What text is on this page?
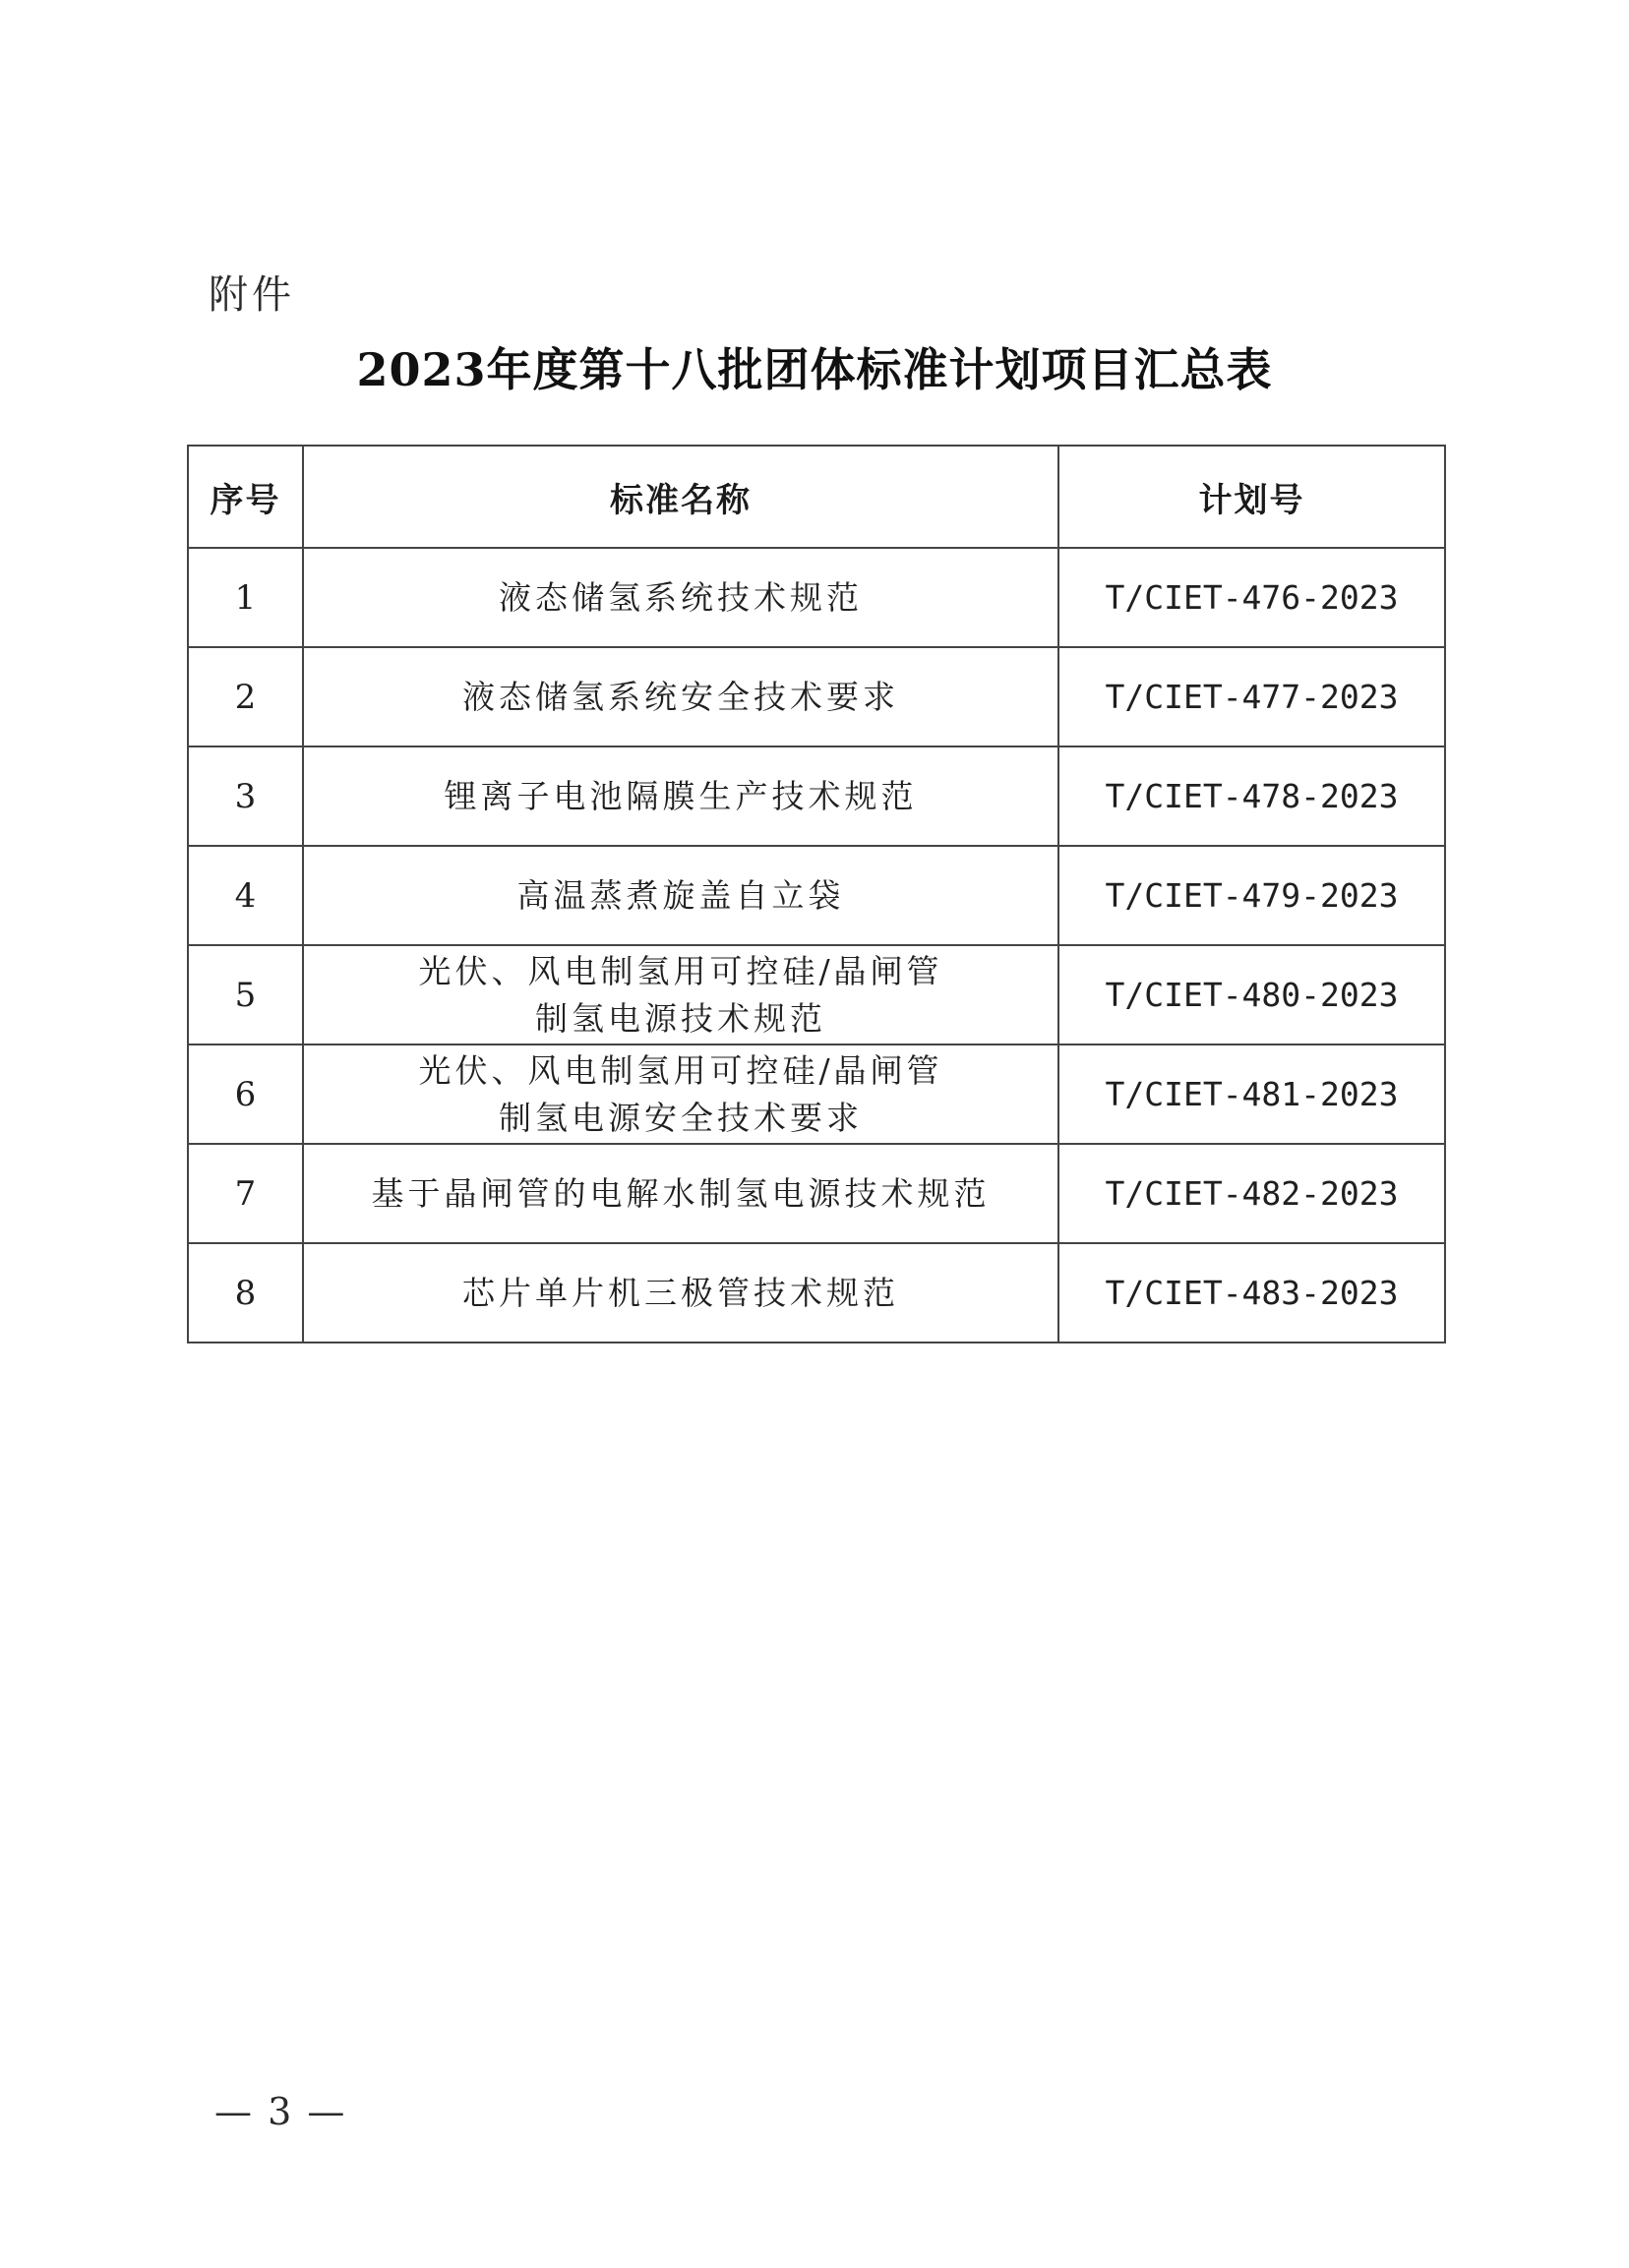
附件
2023年度第十八批团体标准计划项目汇总表
序号	标准名称	计划号
1	液态储氢系统技术规范	T/CIET-476-2023
2	液态储氢系统安全技术要求	T/CIET-477-2023
3	锂离子电池隔膜生产技术规范	T/CIET-478-2023
4	高温蒸煮旋盖自立袋	T/CIET-479-2023
5	光伏、风电制氢用可控硅/晶闸管
制氢电源技术规范	T/CIET-480-2023
6	光伏、风电制氢用可控硅/晶闸管
制氢电源安全技术要求	T/CIET-481-2023
7	基于晶闸管的电解水制氢电源技术规范	T/CIET-482-2023
8	芯片单片机三极管技术规范	T/CIET-483-2023
— 3 —
